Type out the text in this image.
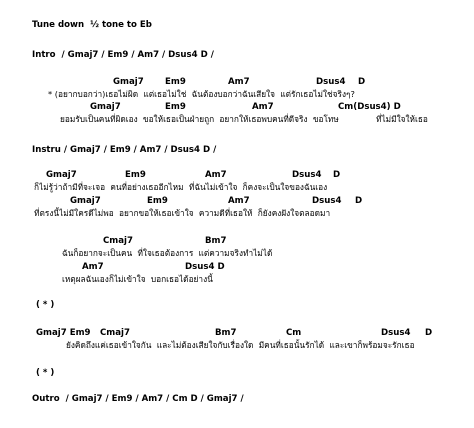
Tune down  ½ tone to Eb
Intro  / Gmaj7 / Em9 / Am7 / Dsus4 D /
Gmaj7 Em9	Am7	Dsus4 D
* (อยากบอกว่า)เธอไม่ผิด  แต่เธอไม่ใช่  ฉันต้องบอกว่าฉันเสียใจ  แต่รักเธอไม่ใช่จริงๆ?
Gmaj7	Em9	Am7	Cm(Dsus4) D
ยอมรับเป็นคนที่ผิดเอง  ขอให้เธอเป็นฝ่ายถูก  อยากให้เธอพบคนที่ดีจริง  ขอโทษ	ที่ไม่มีใจให้เธอ
Instru / Gmaj7 / Em9 / Am7 / Dsus4 D /
Gmaj7	Em9	Am7	Dsus4 D
ก็ไม่รู้ว่าถ้ามีที่จะเจอ  คนที่อย่างเธออีกไหม  ที่ฉันไม่เข้าใจ  ก็คงจะเป็นใจของฉันเอง
Gmaj7	Em9	Am7	Dsus4 D
ที่ตรงนี้ไม่มีใครดีไม่พอ  อยากขอให้เธอเข้าใจ  ความดีที่เธอให้  ก็ยังคงฝังใจตลอดมา
Cmaj7	Bm7
ฉันก็อยากจะเป็นคน  ที่ใจเธอต้องการ  แต่ความจริงทำไม่ได้
Am7	Dsus4 D
เหตุผลฉันเองก็ไม่เข้าใจ  บอกเธอได้อย่างนี้
( * )
Gmaj7 Em9 Cmaj7	Bm7	Cm	Dsus4 D
ยังคิดถึงแค่เธอเข้าใจกัน  และไม่ต้องเสียใจกับเรื่องใด  มีคนที่เธอนั้นรักได้  และเขาก็พร้อมจะรักเธอ
( * )
Outro  / Gmaj7 / Em9 / Am7 / Cm D / Gmaj7 /
